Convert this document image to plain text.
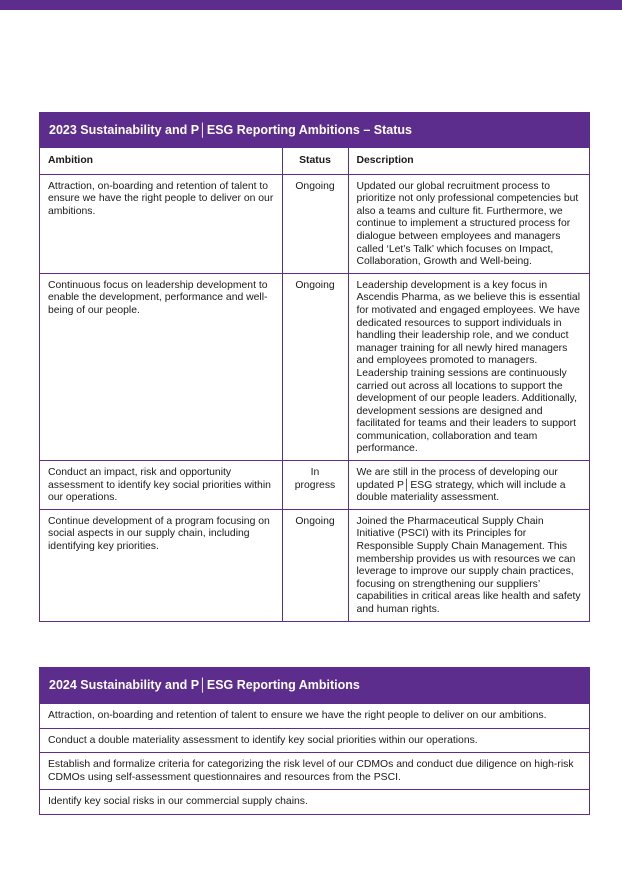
2023 Sustainability and P│ESG Reporting Ambitions – Status
Ambition	Status	Description
Attraction, on-boarding and retention of talent to ensure we have the right people to deliver on our ambitions.	Ongoing	Updated our global recruitment process to prioritize not only professional competencies but also a teams and culture fit. Furthermore, we continue to implement a structured process for dialogue between employees and managers called ‘Let’s Talk’ which focuses on Impact, Collaboration, Growth and Well-being.
Continuous focus on leadership development to enable the development, performance and well-being of our people.	Ongoing	Leadership development is a key focus in Ascendis Pharma, as we believe this is essential for motivated and engaged employees. We have dedicated resources to support individuals in handling their leadership role, and we conduct manager training for all newly hired managers and employees promoted to managers. Leadership training sessions are continuously carried out across all locations to support the development of our people leaders. Additionally, development sessions are designed and facilitated for teams and their leaders to support communication, collaboration and team performance.
Conduct an impact, risk and opportunity assessment to identify key social priorities within our operations.	In progress	We are still in the process of developing our updated P│ESG strategy, which will include a double materiality assessment.
Continue development of a program focusing on social aspects in our supply chain, including identifying key priorities.	Ongoing	Joined the Pharmaceutical Supply Chain Initiative (PSCI) with its Principles for Responsible Supply Chain Management. This membership provides us with resources we can leverage to improve our supply chain practices, focusing on strengthening our suppliers’ capabilities in critical areas like health and safety and human rights.
2024 Sustainability and P│ESG Reporting Ambitions
Attraction, on-boarding and retention of talent to ensure we have the right people to deliver on our ambitions.
Conduct a double materiality assessment to identify key social priorities within our operations.
Establish and formalize criteria for categorizing the risk level of our CDMOs and conduct due diligence on high-risk CDMOs using self-assessment questionnaires and resources from the PSCI.
Identify key social risks in our commercial supply chains.
